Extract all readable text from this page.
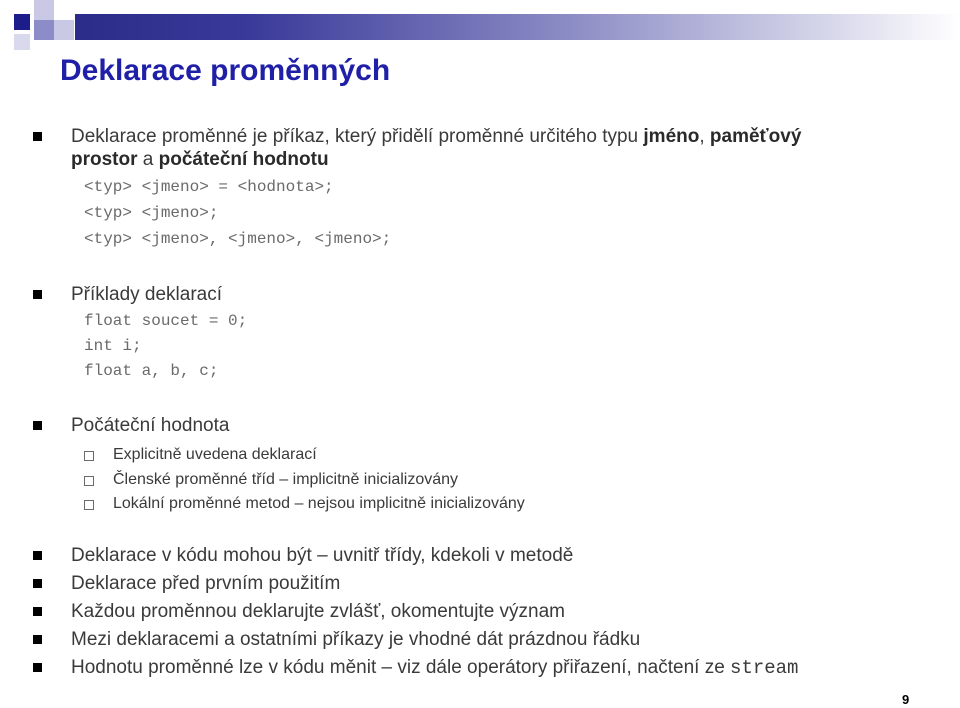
Deklarace proměnných
Deklarace proměnné je příkaz, který přidělí proměnné určitého typu jméno, paměťový
prostor a počáteční hodnotu
<typ> <jmeno> = <hodnota>;
<typ> <jmeno>;
<typ> <jmeno>, <jmeno>, <jmeno>;
Příklady deklarací
float soucet = 0;
int i;
float a, b, c;
Počáteční hodnota
Explicitně uvedena deklarací
Členské proměnné tříd – implicitně inicializovány
Lokální proměnné metod – nejsou implicitně inicializovány
Deklarace v kódu mohou být – uvnitř třídy, kdekoli v metodě
Deklarace před prvním použitím
Každou proměnnou deklarujte zvlášť, okomentujte význam
Mezi deklaracemi a ostatními příkazy je vhodné dát prázdnou řádku
Hodnotu proměnné lze v kódu měnit – viz dále operátory přiřazení, načtení ze stream
9
